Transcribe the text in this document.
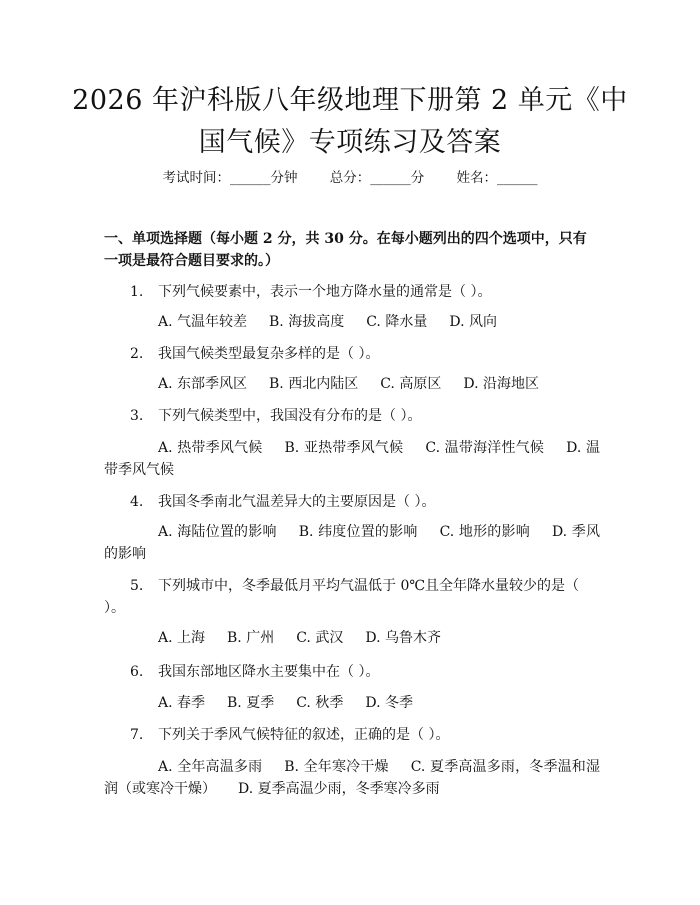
2026 年沪科版八年级地理下册第 2 单元《中
国气候》专项练习及答案
考试时间：______分钟 总分：______分 姓名：______
一、单项选择题（每小题 2 分，共 30 分。在每小题列出的四个选项中，只有一项是最符合题目要求的。）
1. 下列气候要素中，表示一个地方降水量的通常是（ ）。
A. 气温年较差 B. 海拔高度 C. 降水量 D. 风向
2. 我国气候类型最复杂多样的是（ ）。
A. 东部季风区 B. 西北内陆区 C. 高原区 D. 沿海地区
3. 下列气候类型中，我国没有分布的是（ ）。
A. 热带季风气候 B. 亚热带季风气候 C. 温带海洋性气候 D. 温带季风气候
4. 我国冬季南北气温差异大的主要原因是（ ）。
A. 海陆位置的影响 B. 纬度位置的影响 C. 地形的影响 D. 季风的影响
5. 下列城市中，冬季最低月平均气温低于 0℃且全年降水量较少的是（ ）。
A. 上海 B. 广州 C. 武汉 D. 乌鲁木齐
6. 我国东部地区降水主要集中在（ ）。
A. 春季 B. 夏季 C. 秋季 D. 冬季
7. 下列关于季风气候特征的叙述，正确的是（ ）。
A. 全年高温多雨 B. 全年寒冷干燥 C. 夏季高温多雨，冬季温和湿润（或寒冷干燥） D. 夏季高温少雨，冬季寒冷多雨
